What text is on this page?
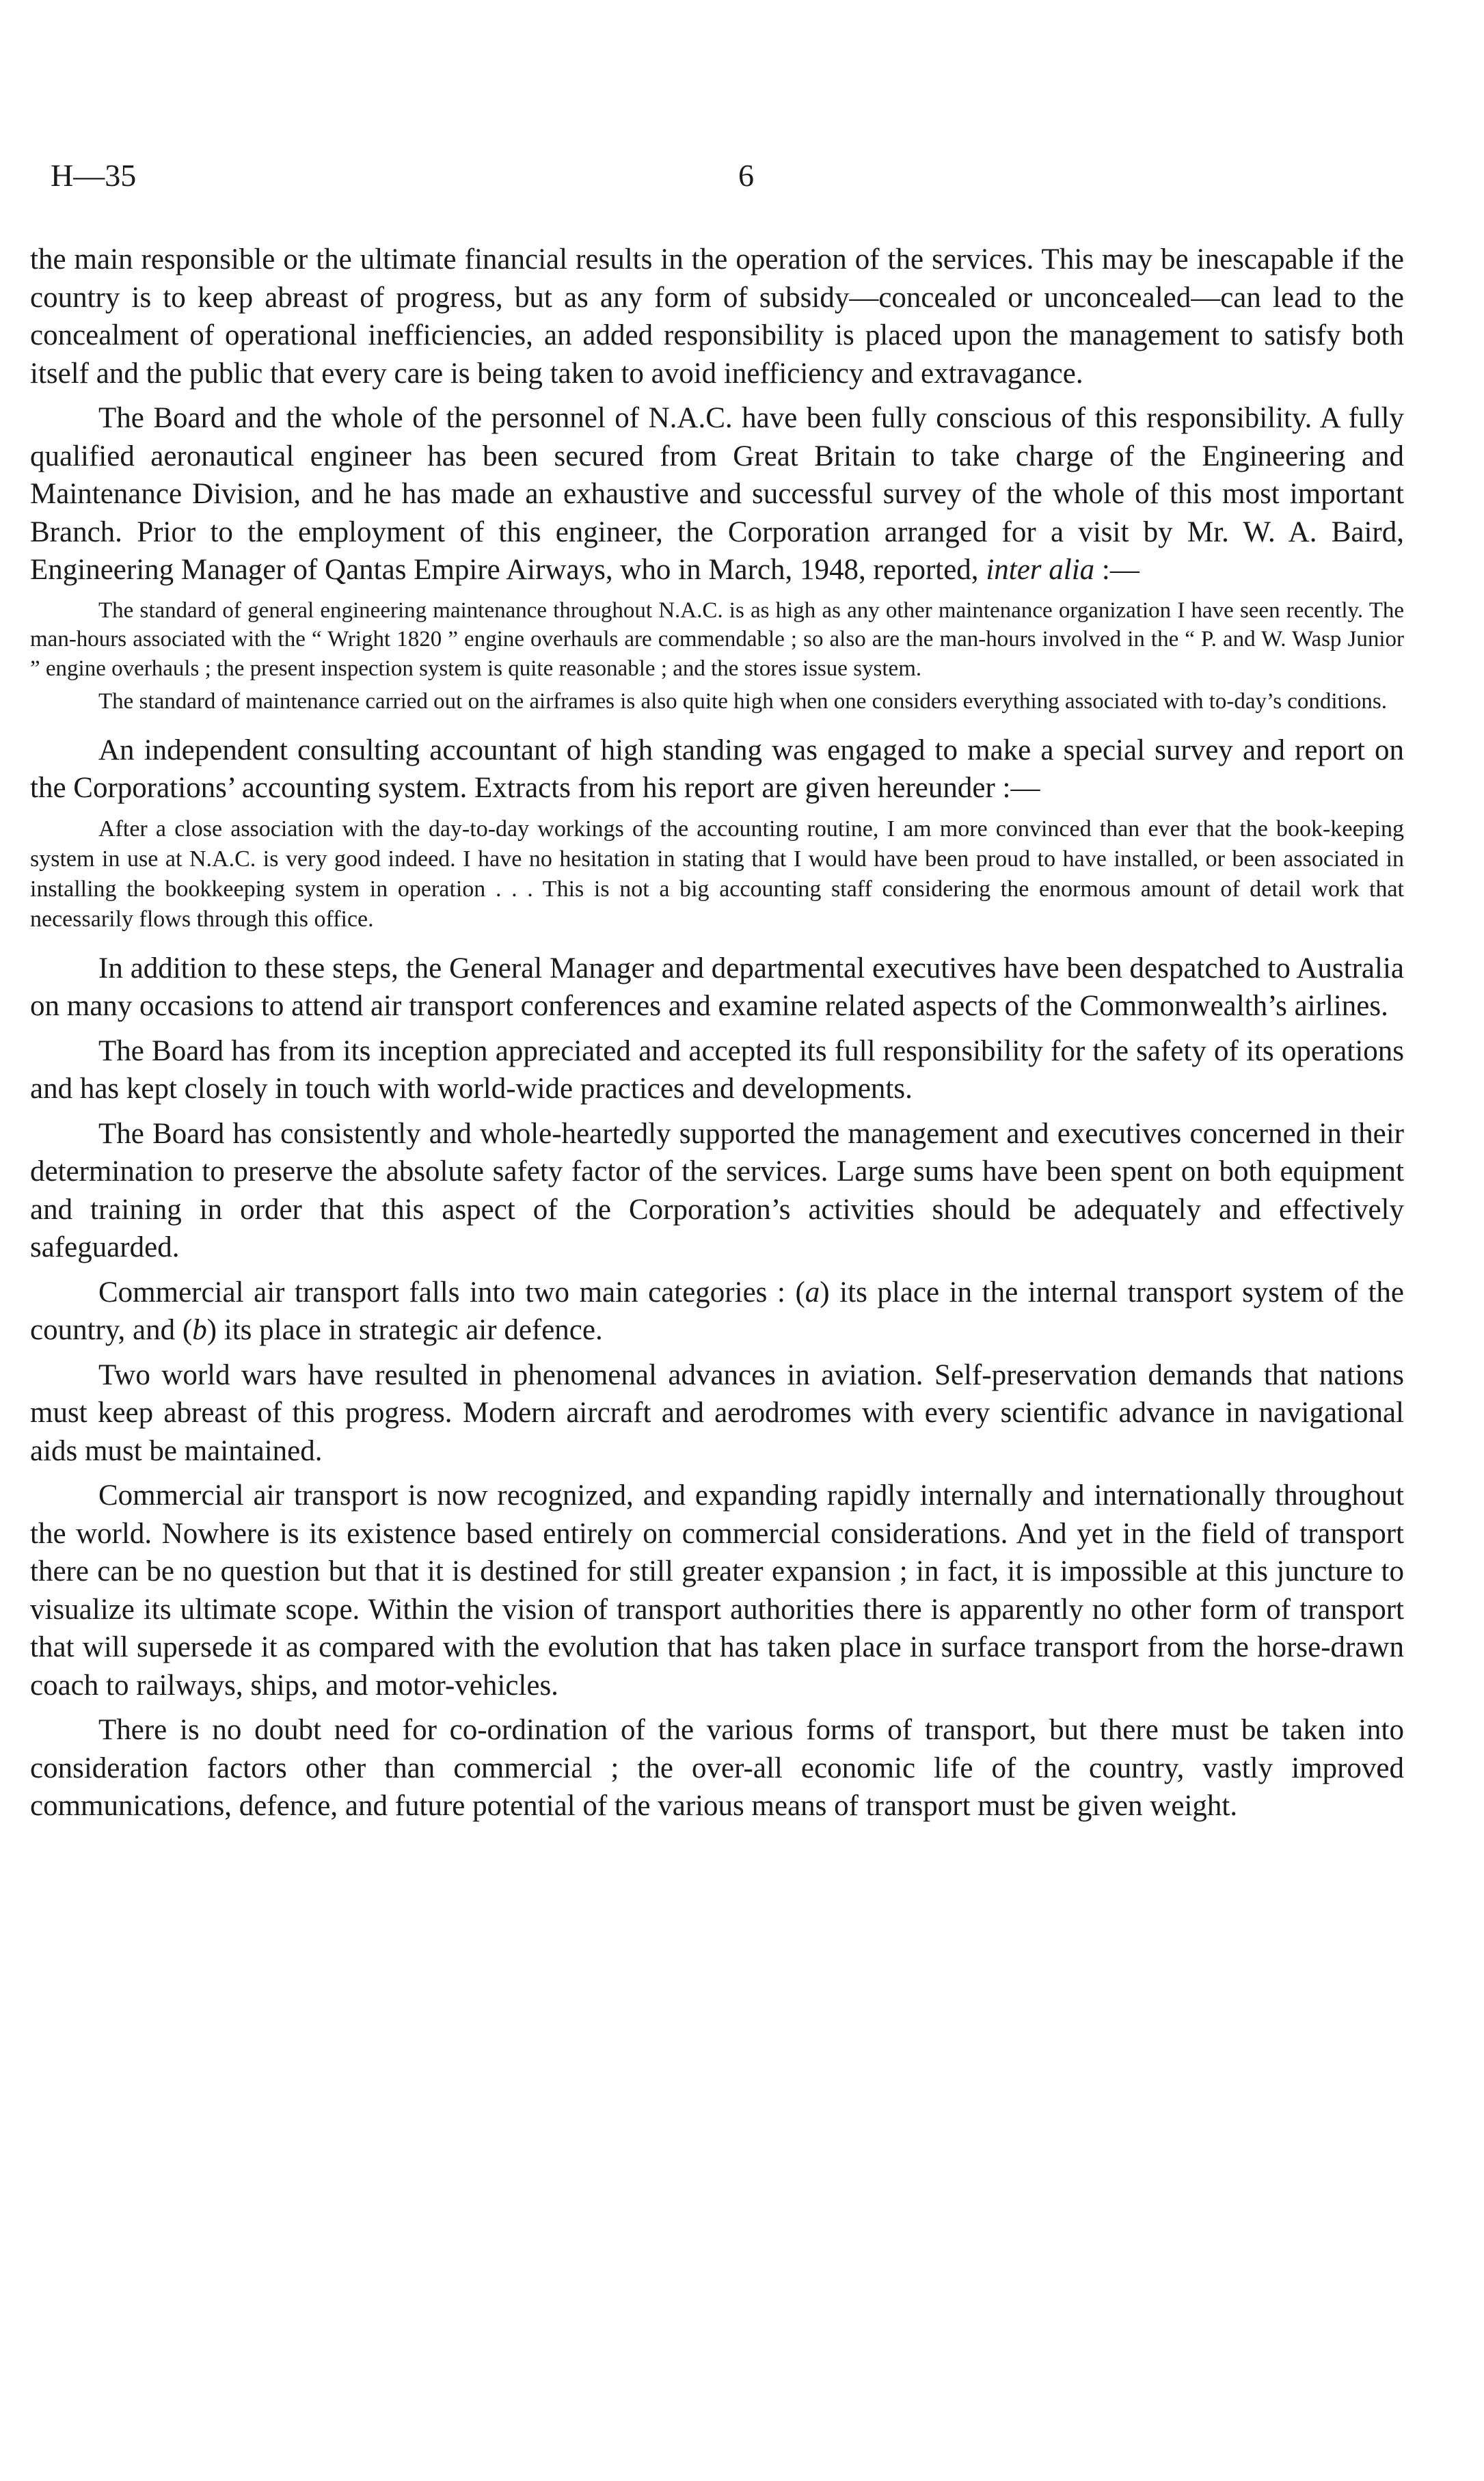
H—35	6

the main responsible or the ultimate financial results in the operation of the services. This may be inescapable if the country is to keep abreast of progress, but as any form of subsidy—concealed or unconcealed—can lead to the concealment of operational inefficiencies, an added responsibility is placed upon the management to satisfy both itself and the public that every care is being taken to avoid inefficiency and extravagance.

The Board and the whole of the personnel of N.A.C. have been fully conscious of this responsibility. A fully qualified aeronautical engineer has been secured from Great Britain to take charge of the Engineering and Maintenance Division, and he has made an exhaustive and successful survey of the whole of this most important Branch. Prior to the employment of this engineer, the Corporation arranged for a visit by Mr. W. A. Baird, Engineering Manager of Qantas Empire Airways, who in March, 1948, reported, inter alia :—

The standard of general engineering maintenance throughout N.A.C. is as high as any other maintenance organization I have seen recently. The man-hours associated with the “ Wright 1820 ” engine overhauls are commendable ; so also are the man-hours involved in the “ P. and W. Wasp Junior ” engine overhauls ; the present inspection system is quite reasonable ; and the stores issue system.

The standard of maintenance carried out on the airframes is also quite high when one considers everything associated with to-day’s conditions.

An independent consulting accountant of high standing was engaged to make a special survey and report on the Corporations’ accounting system. Extracts from his report are given hereunder :—

After a close association with the day-to-day workings of the accounting routine, I am more convinced than ever that the book-keeping system in use at N.A.C. is very good indeed. I have no hesitation in stating that I would have been proud to have installed, or been associated in installing the bookkeeping system in operation . . . This is not a big accounting staff considering the enormous amount of detail work that necessarily flows through this office.

In addition to these steps, the General Manager and departmental executives have been despatched to Australia on many occasions to attend air transport conferences and examine related aspects of the Commonwealth’s airlines.

The Board has from its inception appreciated and accepted its full responsibility for the safety of its operations and has kept closely in touch with world-wide practices and developments.

The Board has consistently and whole-heartedly supported the management and executives concerned in their determination to preserve the absolute safety factor of the services. Large sums have been spent on both equipment and training in order that this aspect of the Corporation’s activities should be adequately and effectively safeguarded.

Commercial air transport falls into two main categories : (a) its place in the internal transport system of the country, and (b) its place in strategic air defence.

Two world wars have resulted in phenomenal advances in aviation. Self-preservation demands that nations must keep abreast of this progress. Modern aircraft and aerodromes with every scientific advance in navigational aids must be maintained.

Commercial air transport is now recognized, and expanding rapidly internally and internationally throughout the world. Nowhere is its existence based entirely on commercial considerations. And yet in the field of transport there can be no question but that it is destined for still greater expansion ; in fact, it is impossible at this juncture to visualize its ultimate scope. Within the vision of transport authorities there is apparently no other form of transport that will supersede it as compared with the evolution that has taken place in surface transport from the horse-drawn coach to railways, ships, and motor-vehicles.

There is no doubt need for co-ordination of the various forms of transport, but there must be taken into consideration factors other than commercial ; the over-all economic life of the country, vastly improved communications, defence, and future potential of the various means of transport must be given weight.
